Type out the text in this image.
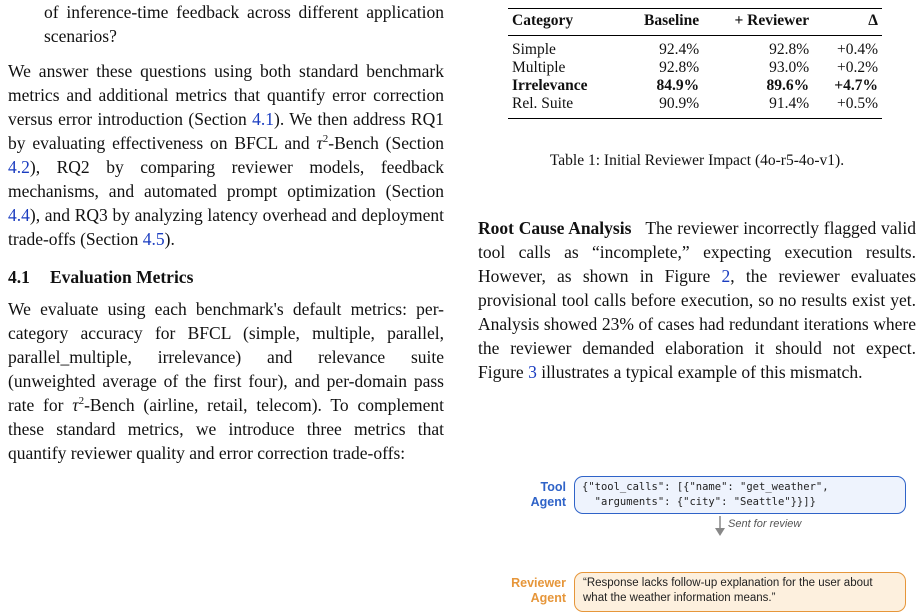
of inference-time feedback across different application scenarios?

We answer these questions using both standard benchmark metrics and additional metrics that quantify error correction versus error introduction (Section 4.1). We then address RQ1 by evaluating effectiveness on BFCL and $\tau^2$-Bench (Section 4.2), RQ2 by comparing reviewer models, feedback mechanisms, and automated prompt optimization (Section 4.4), and RQ3 by analyzing latency overhead and deployment trade-offs (Section 4.5).

4.1 Evaluation Metrics

We evaluate using each benchmark's default metrics: per-category accuracy for BFCL (simple, multiple, parallel, parallel_multiple, irrelevance) and relevance suite (unweighted average of the first four), and per-domain pass rate for $\tau^2$-Bench (airline, retail, telecom). To complement these standard metrics, we introduce three metrics that quantify reviewer quality and error correction trade-offs:

Category	Baseline	+ Reviewer	Δ
Simple	92.4%	92.8%	+0.4%
Multiple	92.8%	93.0%	+0.2%
Irrelevance	84.9%	89.6%	+4.7%
Rel. Suite	90.9%	91.4%	+0.5%
Table 1: Initial Reviewer Impact (4o-r5-4o-v1).

Root Cause Analysis The reviewer incorrectly flagged valid tool calls as “incomplete,” expecting execution results. However, as shown in Figure 2, the reviewer evaluates provisional tool calls before execution, so no results exist yet. Analysis showed 23% of cases had redundant iterations where the reviewer demanded elaboration it should not expect. Figure 3 illustrates a typical example of this mismatch.

Tool
Agent
{"tool_calls": [{"name": "get_weather",
"arguments": {"city": "Seattle"}}]}
Sent for review
Reviewer
Agent
“Response lacks follow-up explanation for the user about what the weather information means.”
